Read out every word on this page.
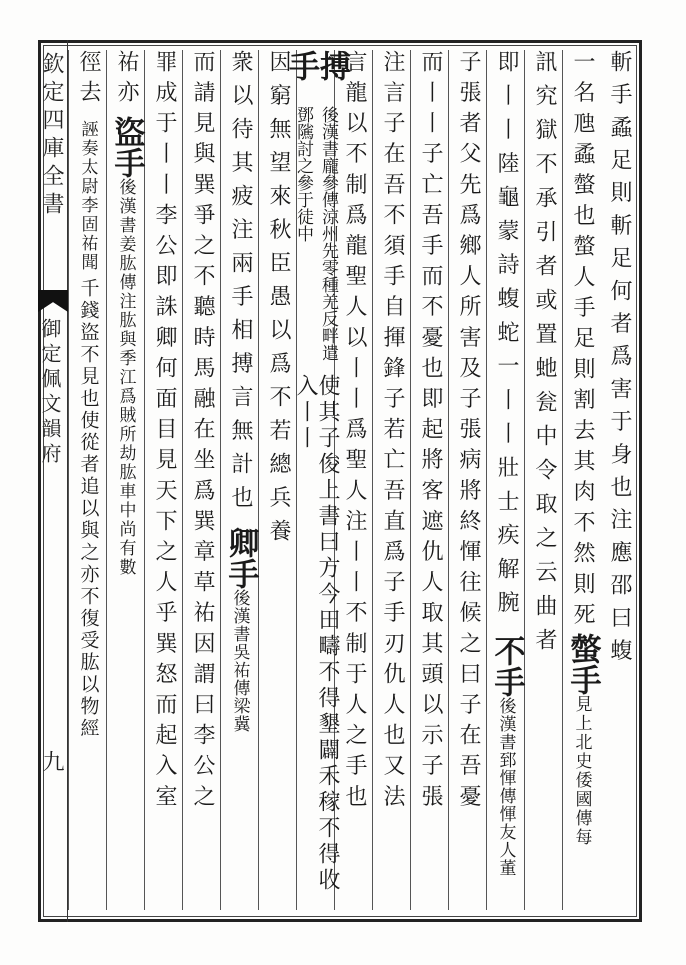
欽定四庫全書
御定佩文韻府
九
斬手蟊足則斬足何者爲害于身也注應邵曰蝮
一名虺蟊螫也螫人手足則割去其肉不然則死
螫手
見上北史倭國傳每
訊究獄不承引者或置虵瓮中令取之云曲者
即丨丨陸龜蒙詩蝮蛇一丨丨壯士疾解腕
不手
後漢書郅惲傳惲友人董
子張者父先爲鄉人所害及子張病將終惲往候之曰子在吾憂
而丨丨子亡吾手而不憂也即起將客遮仇人取其頭以示子張
注言子在吾不須手自揮鋒子若亡吾直爲子手刃仇人也又法
言龍以不制爲龍聖人以丨丨爲聖人注丨丨不制于人之手也
搏手
後漢書龐參傳涼州先零種羌反畔遣鄧隲討之參于徒中
使其子俊上書曰方今田疇不得墾闢禾稼不得收入丨丨
因窮無望來秋臣愚以爲不若總兵養
衆以待其疲注兩手相搏言無計也
卿手
後漢書吳祐傳梁冀
而請見與巽爭之不聽時馬融在坐爲巽章草祐因謂曰李公之
罪成于丨丨李公即誅卿何面目見天下之人乎巽怒而起入室
祐亦
盜手
後漢書姜肱傳注肱與季江爲賊所劫肱車中尚有數
徑去
誣奏太尉李固祐聞
千錢盜不見也使從者追以與之亦不復受肱以物經
